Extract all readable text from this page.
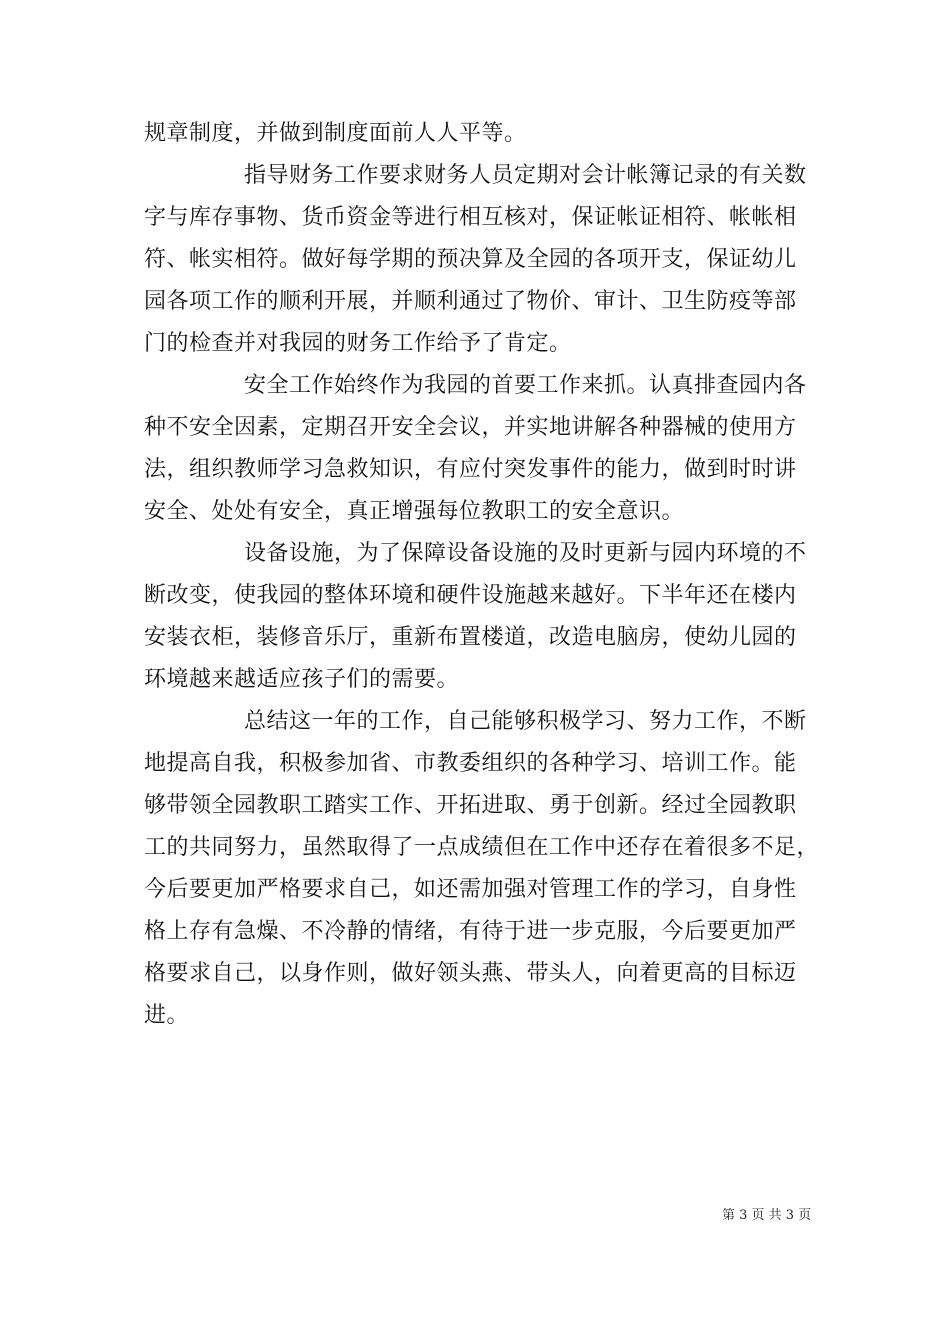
规章制度，并做到制度面前人人平等。
指导财务工作要求财务人员定期对会计帐簿记录的有关数
字与库存事物、货币资金等进行相互核对，保证帐证相符、帐帐相
符、帐实相符。做好每学期的预决算及全园的各项开支，保证幼儿
园各项工作的顺利开展，并顺利通过了物价、审计、卫生防疫等部
门的检查并对我园的财务工作给予了肯定。
安全工作始终作为我园的首要工作来抓。认真排查园内各
种不安全因素，定期召开安全会议，并实地讲解各种器械的使用方
法，组织教师学习急救知识，有应付突发事件的能力，做到时时讲
安全、处处有安全，真正增强每位教职工的安全意识。
设备设施，为了保障设备设施的及时更新与园内环境的不
断改变，使我园的整体环境和硬件设施越来越好。下半年还在楼内
安装衣柜，装修音乐厅，重新布置楼道，改造电脑房，使幼儿园的
环境越来越适应孩子们的需要。
总结这一年的工作，自己能够积极学习、努力工作，不断
地提高自我，积极参加省、市教委组织的各种学习、培训工作。能
够带领全园教职工踏实工作、开拓进取、勇于创新。经过全园教职
工的共同努力，虽然取得了一点成绩但在工作中还存在着很多不足，
今后要更加严格要求自己，如还需加强对管理工作的学习，自身性
格上存有急燥、不冷静的情绪，有待于进一步克服，今后要更加严
格要求自己，以身作则，做好领头燕、带头人，向着更高的目标迈
进。
第 3 页 共 3 页
